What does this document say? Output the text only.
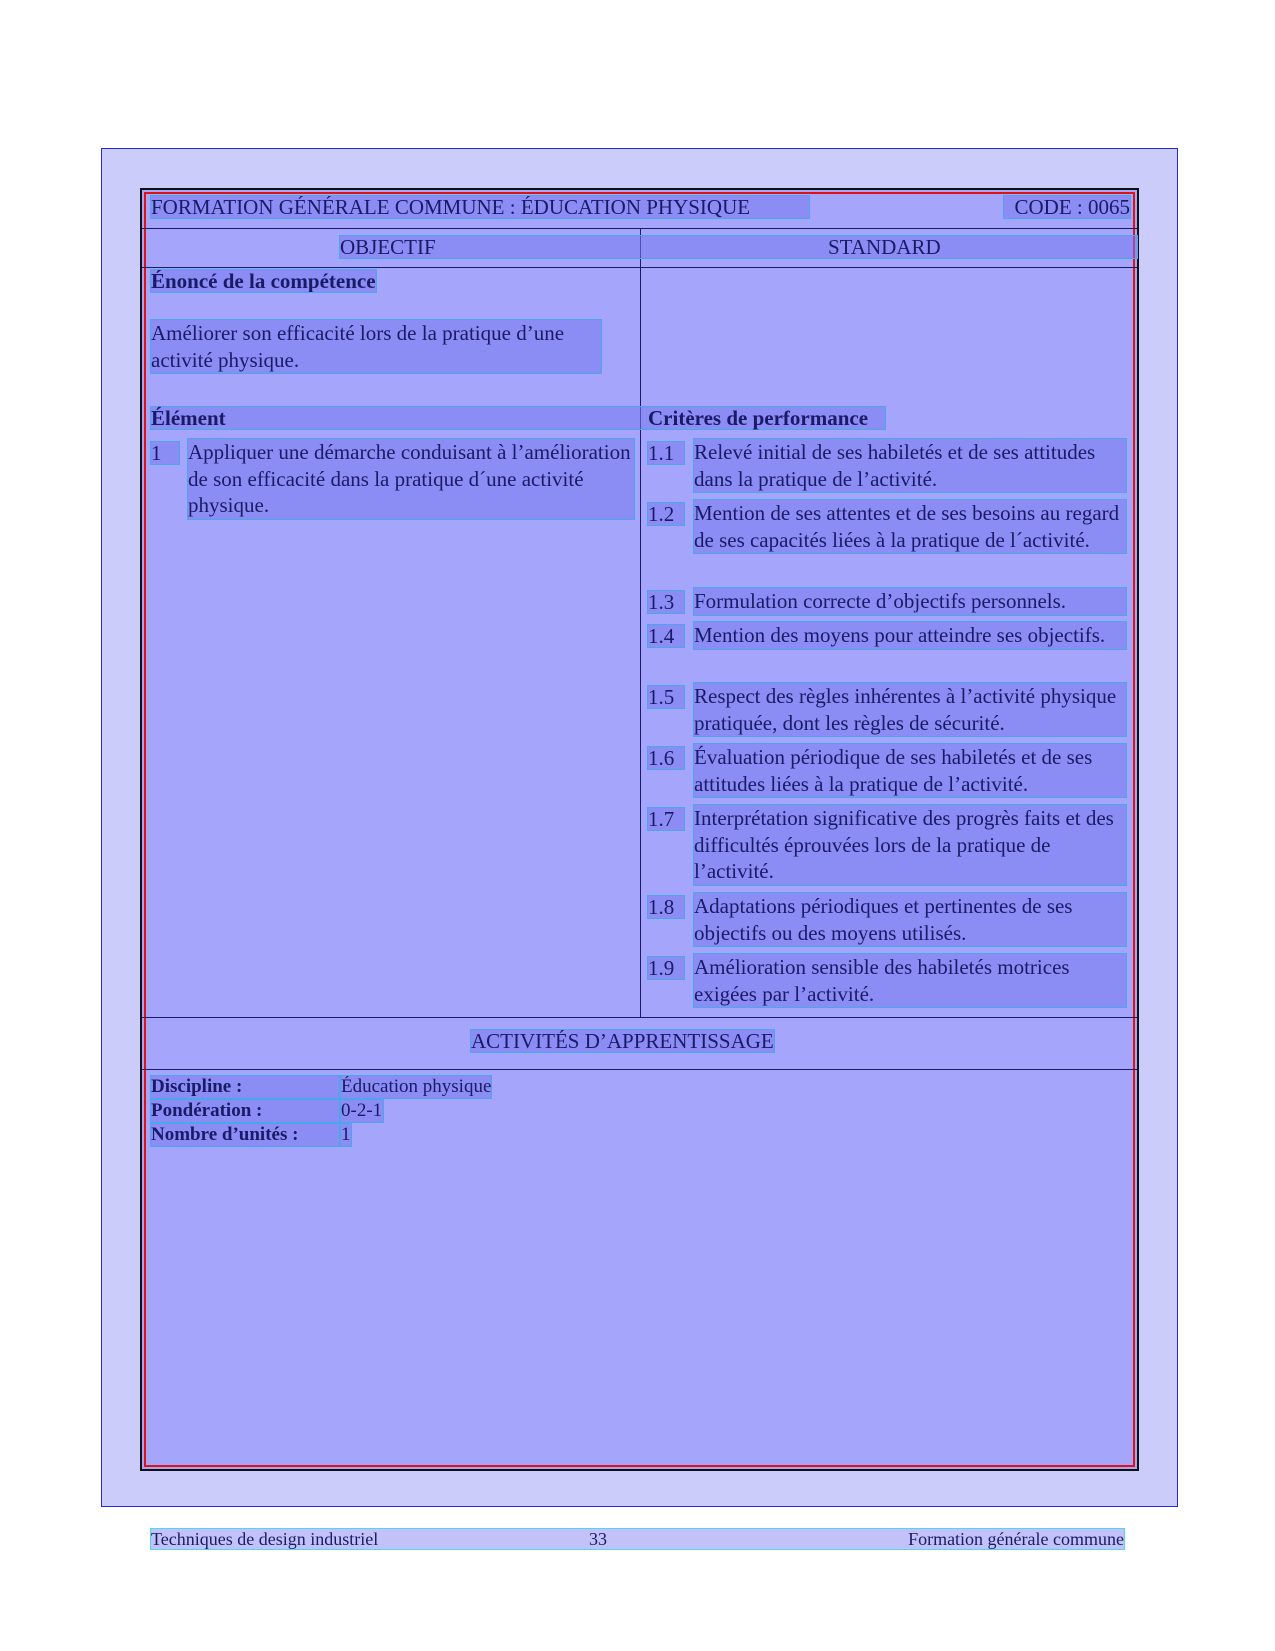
FORMATION GÉNÉRALE COMMUNE : ÉDUCATION PHYSIQUE	CODE : 0065
OBJECTIF	STANDARD
Énoncé de la compétence
Améliorer son efficacité lors de la pratique d’une activité physique.
Élément	Critères de performance
1	Appliquer une démarche conduisant à l’amélioration de son efficacité dans la pratique d´une activité physique.
1.1 Relevé initial de ses habiletés et de ses attitudes dans la pratique de l’activité.
1.2 Mention de ses attentes et de ses besoins au regard de ses capacités liées à la pratique de l´activité.
1.3 Formulation correcte d’objectifs personnels.
1.4 Mention des moyens pour atteindre ses objectifs.
1.5 Respect des règles inhérentes à l’activité physique pratiquée, dont les règles de sécurité.
1.6 Évaluation périodique de ses habiletés et de ses attitudes liées à la pratique de l’activité.
1.7 Interprétation significative des progrès faits et des difficultés éprouvées lors de la pratique de l’activité.
1.8 Adaptations périodiques et pertinentes de ses objectifs ou des moyens utilisés.
1.9 Amélioration sensible des habiletés motrices exigées par l’activité.
ACTIVITÉS D’APPRENTISSAGE
Discipline :	Éducation physique
Pondération :	0-2-1
Nombre d’unités :	1
Techniques de design industriel	33	Formation générale commune
